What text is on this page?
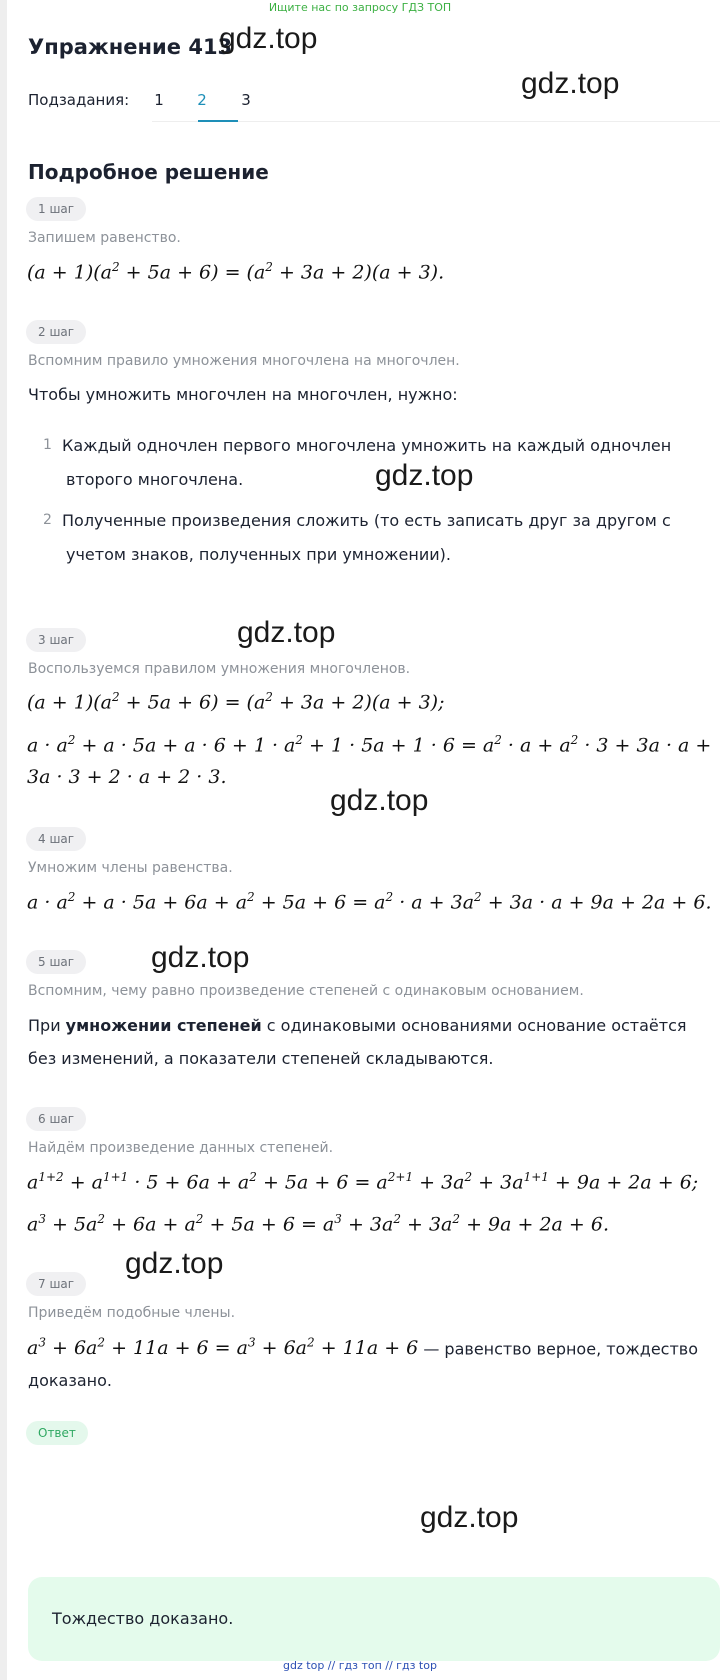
Ищите нас по запросу ГДЗ ТОП
Упражнение 413
gdz.top
gdz.top
Подзадания:	1	2	3
Подробное решение
1 шаг
Запишем равенство.
$(a + 1)(a^2 + 5a + 6) = (a^2 + 3a + 2)(a + 3)$.
2 шаг
Вспомним правило умножения многочлена на многочлен.
Чтобы умножить многочлен на многочлен, нужно:
1 Каждый одночлен первого многочлена умножить на каждый одночлен
второго многочлена.	gdz.top
2 Полученные произведения сложить (то есть записать друг за другом с
учетом знаков, полученных при умножении).
3 шаг	gdz.top
Воспользуемся правилом умножения многочленов.
$(a + 1)(a^2 + 5a + 6) = (a^2 + 3a + 2)(a + 3)$;
$a \cdot a^2 + a \cdot 5a + a \cdot 6 + 1 \cdot a^2 + 1 \cdot 5a + 1 \cdot 6 = a^2 \cdot a + a^2 \cdot 3 + 3a \cdot a$ +
3a · 3 + 2 · a + 2 · 3.
gdz.top
4 шаг
Умножим члены равенства.
$a \cdot a^2 + a \cdot 5a + 6a + a^2 + 5a + 6 = a^2 \cdot a + 3a^2 + 3a \cdot a + 9a + 2a + 6$.
5 шаг	gdz.top
Вспомним, чему равно произведение степеней с одинаковым основанием.
При умножении степеней с одинаковыми основаниями основание остаётся
без изменений, а показатели степеней складываются.
6 шаг
Найдём произведение данных степеней.
$a^{1+2} + a^{1+1} \cdot 5 + 6a + a^2 + 5a + 6 = a^{2+1} + 3a^2 + 3a^{1+1} + 9a + 2a + 6$;
$a^3 + 5a^2 + 6a + a^2 + 5a + 6 = a^3 + 3a^2 + 3a^2 + 9a + 2a + 6$.
gdz.top
7 шаг
Приведём подобные члены.
$a^3 + 6a^2 + 11a + 6 = a^3 + 6a^2 + 11a + 6$ — равенство верное, тождество
доказано.
Ответ
Тождество доказано.
gdz.top
gdz top // гдз топ // гдз top
